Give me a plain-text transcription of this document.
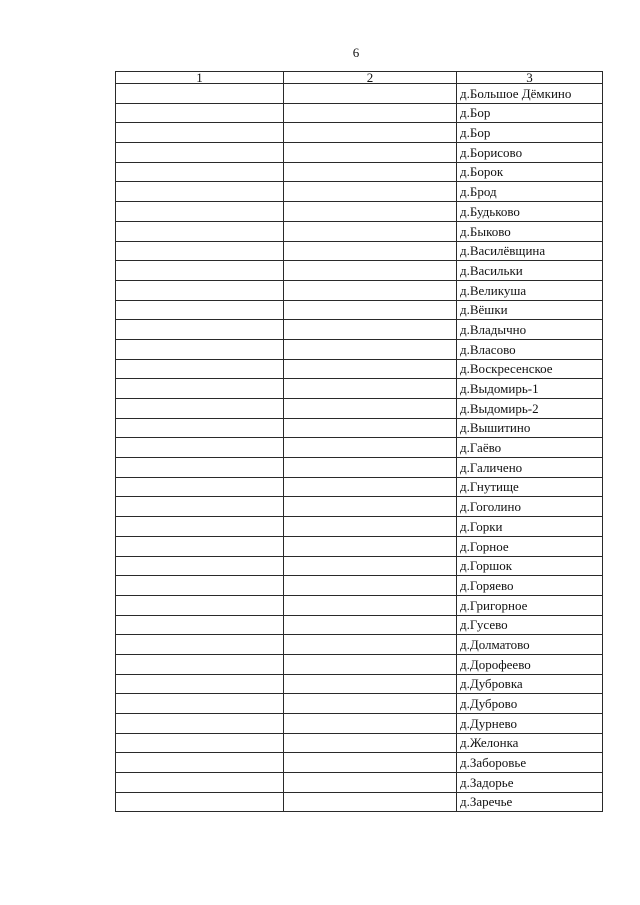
6
1	2	3
		д.Большое Дёмкино
		д.Бор
		д.Бор
		д.Борисово
		д.Борок
		д.Брод
		д.Будьково
		д.Быково
		д.Василёвщина
		д.Васильки
		д.Великуша
		д.Вёшки
		д.Владычно
		д.Власово
		д.Воскресенское
		д.Выдомирь-1
		д.Выдомирь-2
		д.Вышитино
		д.Гаёво
		д.Галичено
		д.Гнутище
		д.Гоголино
		д.Горки
		д.Горное
		д.Горшок
		д.Горяево
		д.Григорное
		д.Гусево
		д.Долматово
		д.Дорофеево
		д.Дубровка
		д.Дуброво
		д.Дурнево
		д.Желонка
		д.Заборовье
		д.Задорье
		д.Заречье
